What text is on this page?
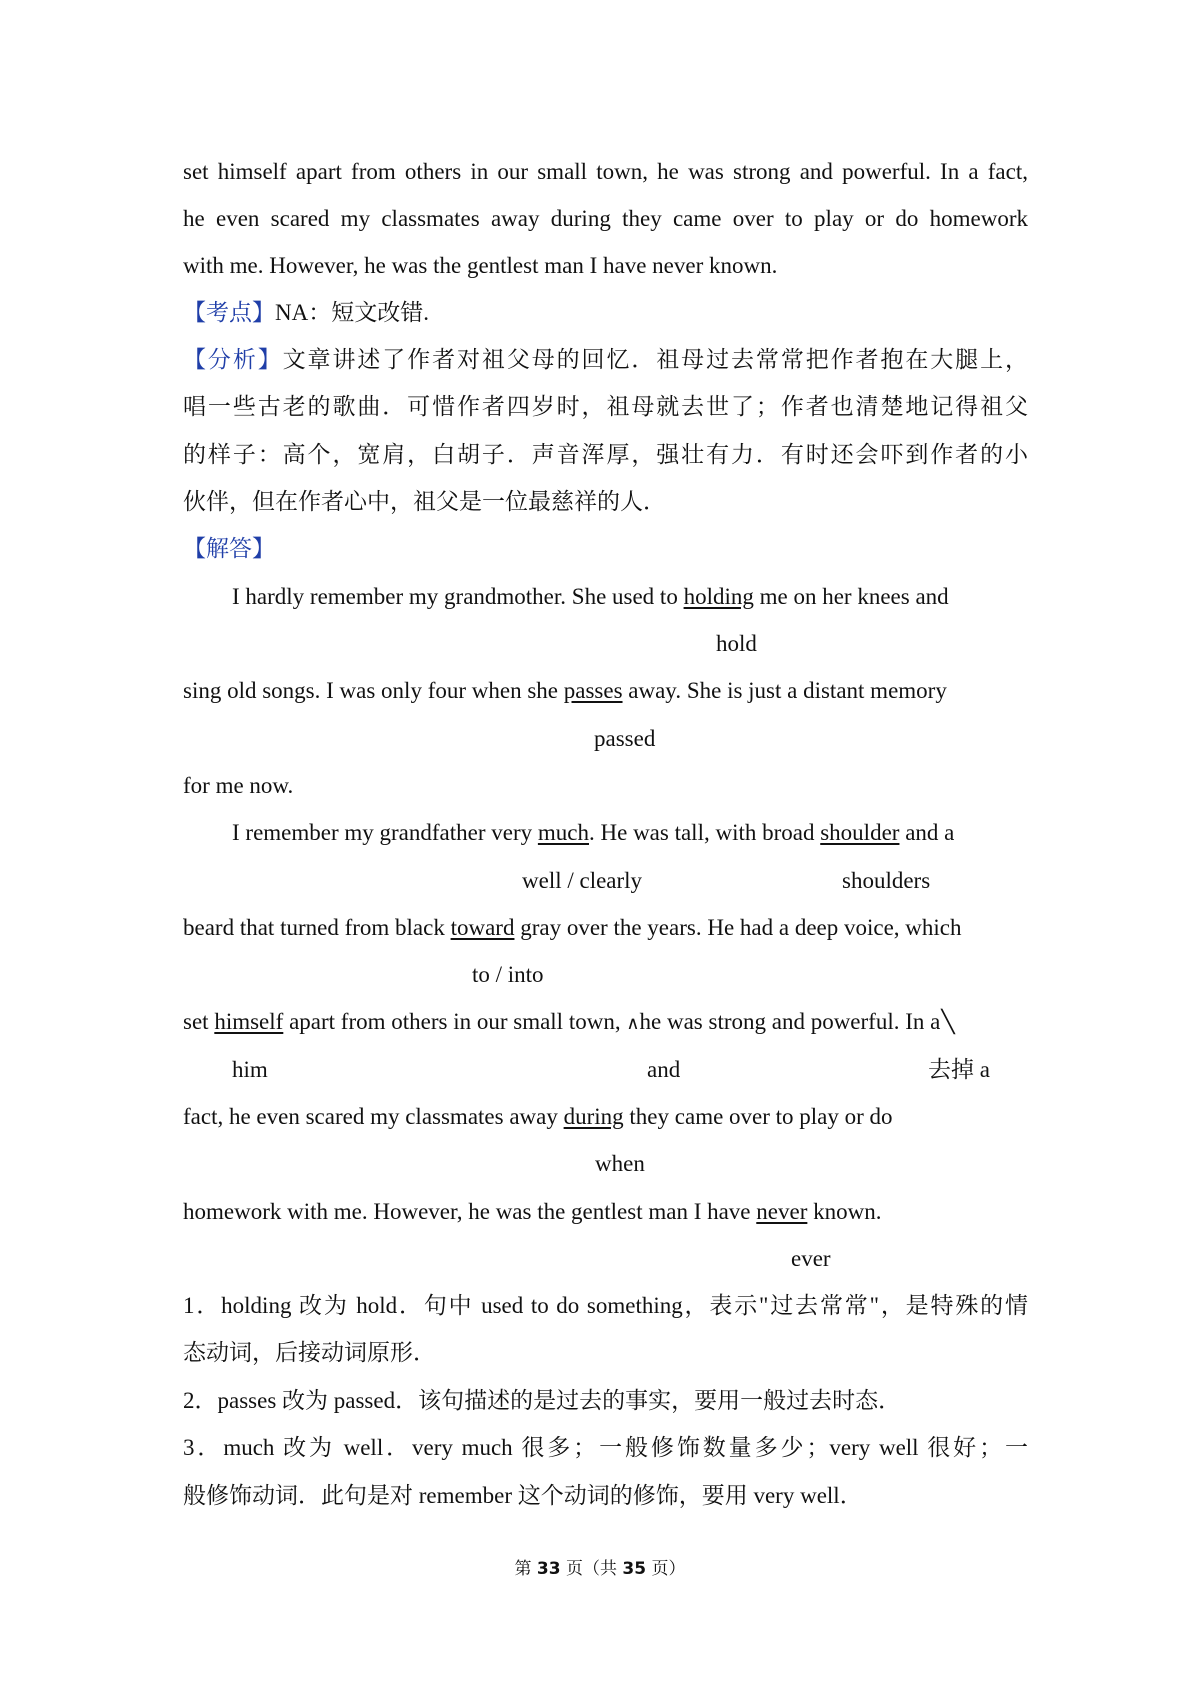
set himself apart from others in our small town, he was strong and powerful. In a fact,
he even scared my classmates away during they came over to play or do homework
with me. However, he was the gentlest man I have never known.
【考点】NA：短文改错.
【分析】文章讲述了作者对祖父母的回忆．祖母过去常常把作者抱在大腿上，
唱一些古老的歌曲．可惜作者四岁时，祖母就去世了；作者也清楚地记得祖父
的样子：高个，宽肩，白胡子．声音浑厚，强壮有力．有时还会吓到作者的小
伙伴，但在作者心中，祖父是一位最慈祥的人．
【解答】
I hardly remember my grandmother. She used to holding me on her knees and
hold
sing old songs. I was only four when she passes away. She is just a distant memory
passed
for me now.
I remember my grandfather very much. He was tall, with broad shoulder and a
well / clearly	shoulders
beard that turned from black toward gray over the years. He had a deep voice, which
to / into
set himself apart from others in our small town, ∧he was strong and powerful. In a╲
him	and	去掉 a
fact, he even scared my classmates away during they came over to play or do
when
homework with me. However, he was the gentlest man I have never known.
ever
1．holding 改为 hold．句中 used to do something，表示"过去常常"，是特殊的情
态动词，后接动词原形．
2．passes 改为 passed．该句描述的是过去的事实，要用一般过去时态．
3．much 改为 well．very much 很多；一般修饰数量多少；very well 很好；一
般修饰动词．此句是对 remember 这个动词的修饰，要用 very well．
第 33 页（共 35 页）
